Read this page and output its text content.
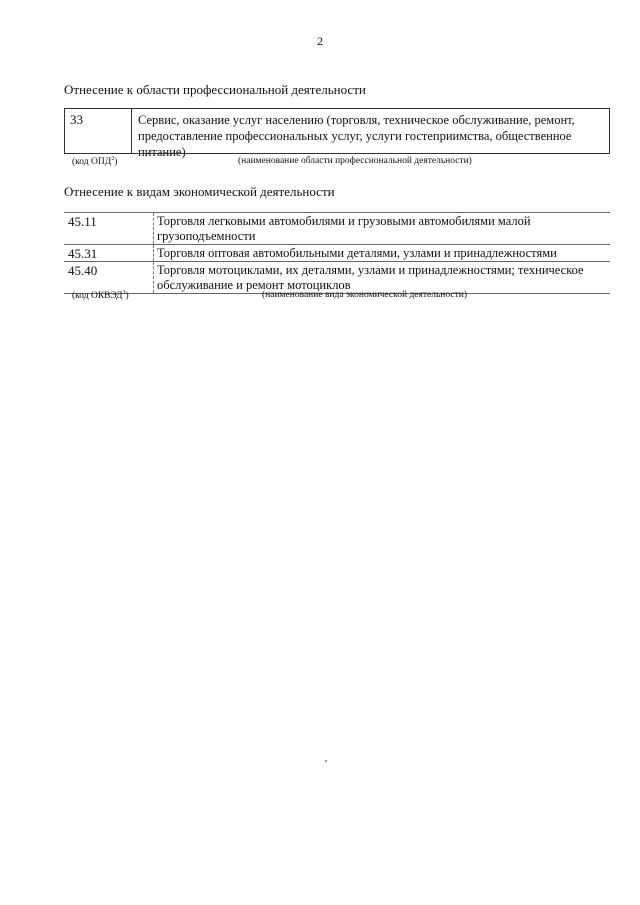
2
Отнесение к области профессиональной деятельности
33	Сервис, оказание услуг населению (торговля, техническое обслуживание, ремонт, предоставление профессиональных услуг, услуги гостеприимства, общественное питание)
(код ОПД$^2$)	(наименование области профессиональной деятельности)
Отнесение к видам экономической деятельности
45.11	Торговля легковыми автомобилями и грузовыми автомобилями малой грузоподъемности
45.31	Торговля оптовая автомобильными деталями, узлами и принадлежностями
45.40	Торговля мотоциклами, их деталями, узлами и принадлежностями; техническое обслуживание и ремонт мотоциклов
(код ОКВЭД$^3$)	(наименование вида экономической деятельности)
